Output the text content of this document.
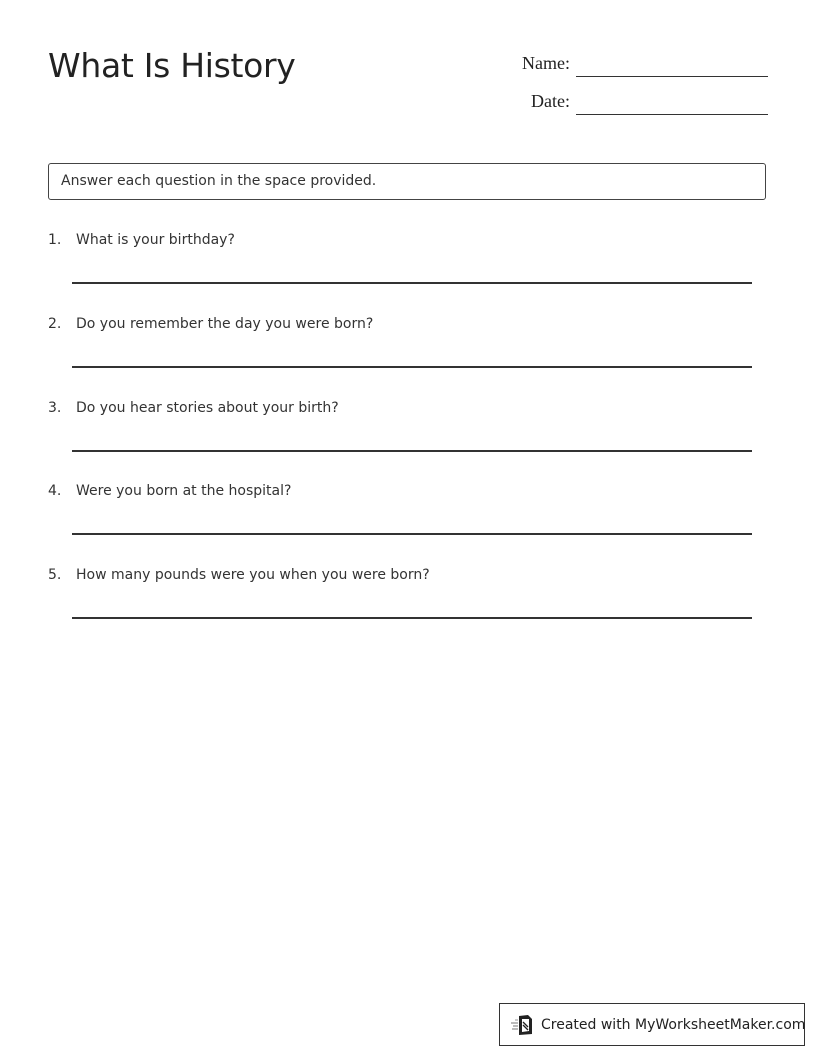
What Is History	Name:
Date:
Answer each question in the space provided.
1. What is your birthday?
2. Do you remember the day you were born?
3. Do you hear stories about your birth?
4. Were you born at the hospital?
5. How many pounds were you when you were born?
Created with MyWorksheetMaker.com
